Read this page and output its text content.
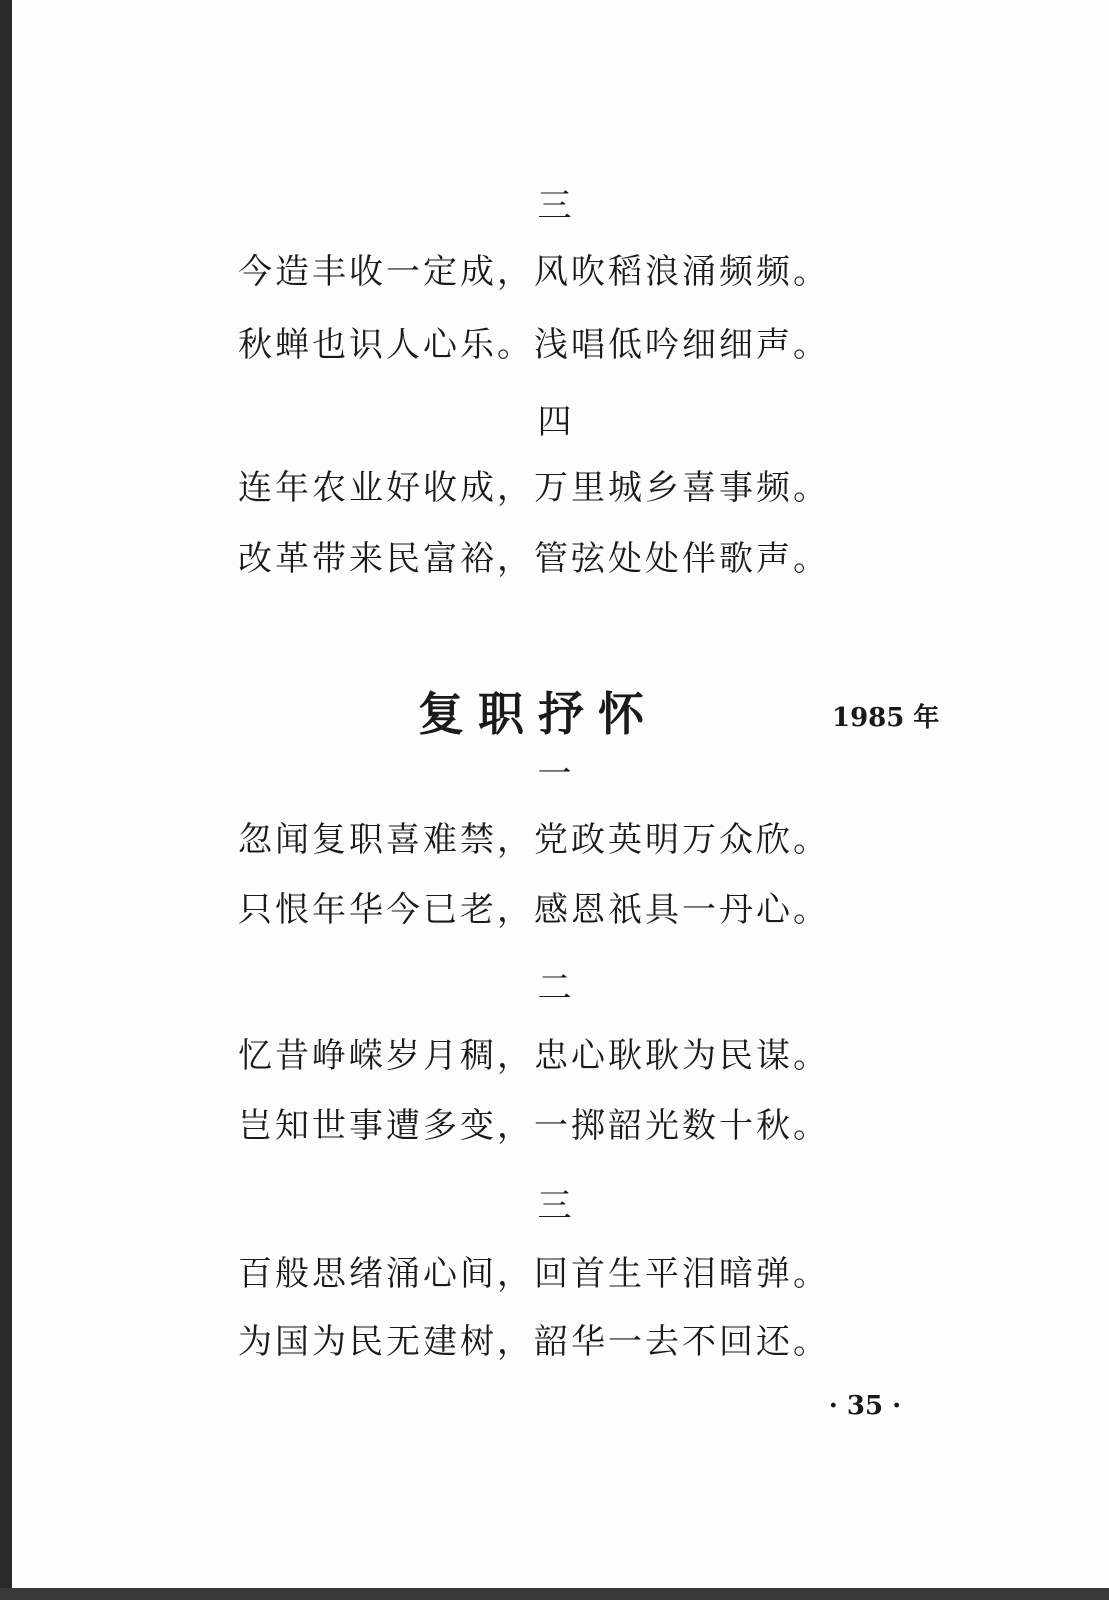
三
今造丰收一定成，风吹稻浪涌频频。
秋蝉也识人心乐。浅唱低吟细细声。
四
连年农业好收成，万里城乡喜事频。
改革带来民富裕，管弦处处伴歌声。
复职抒怀	1985 年
一
忽闻复职喜难禁，党政英明万众欣。
只恨年华今已老，感恩祇具一丹心。
二
忆昔峥嵘岁月稠，忠心耿耿为民谋。
岂知世事遭多变，一掷韶光数十秋。
三
百般思绪涌心间，回首生平泪暗弹。
为国为民无建树，韶华一去不回还。
· 35 ·
